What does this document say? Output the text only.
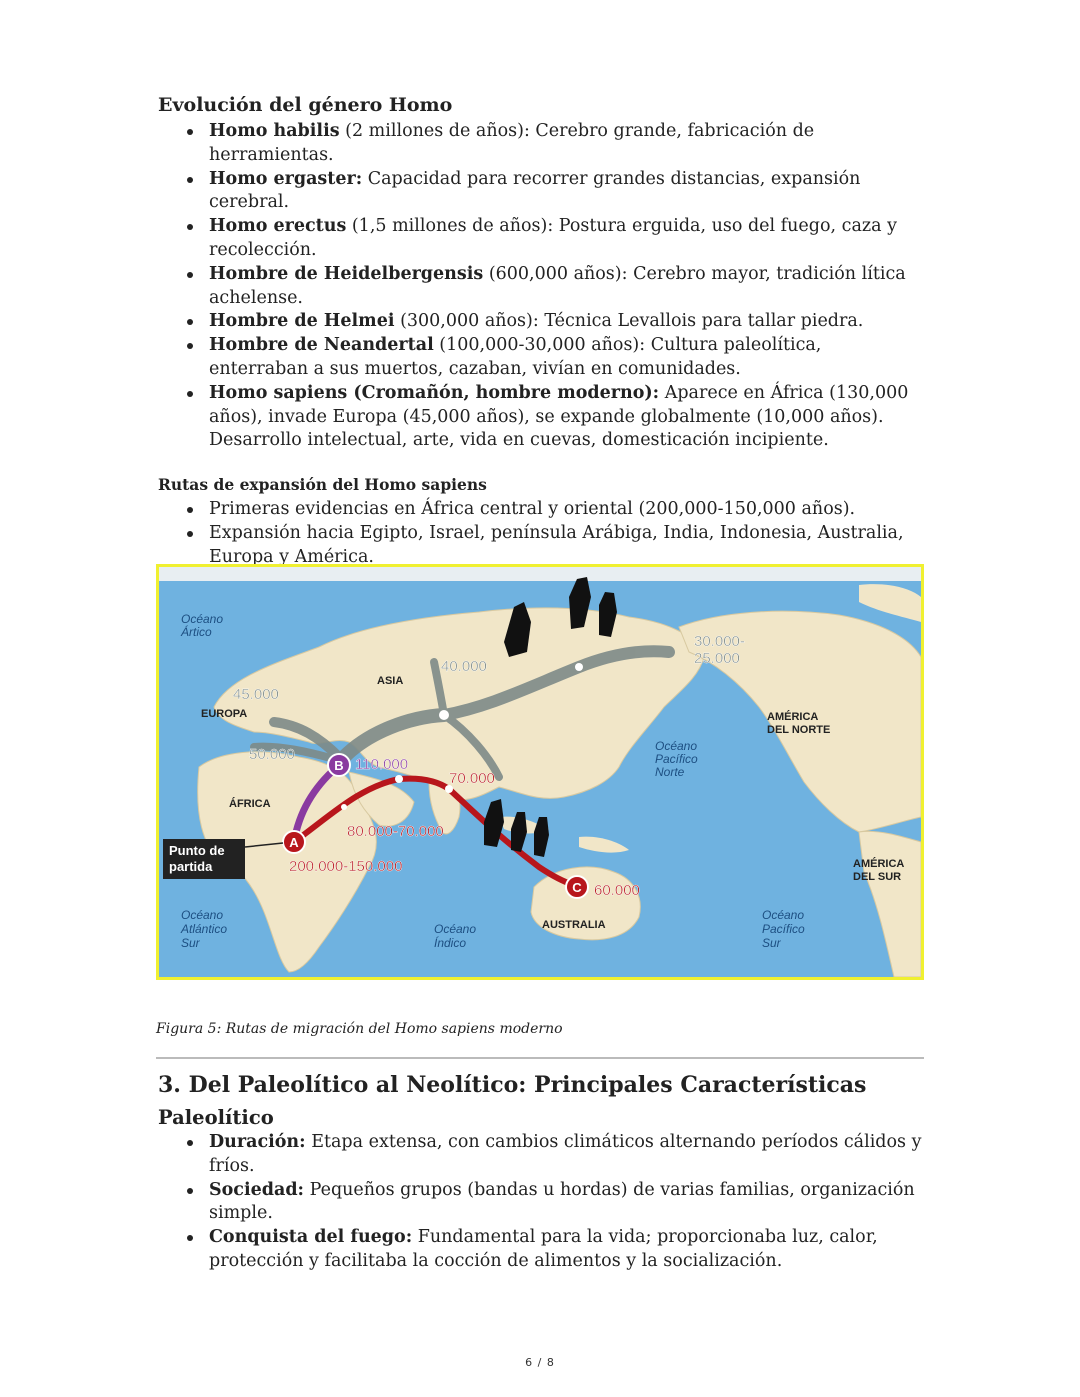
Evolución del género Homo
Homo habilis (2 millones de años): Cerebro grande, fabricación de herramientas.
Homo ergaster: Capacidad para recorrer grandes distancias, expansión cerebral.
Homo erectus (1,5 millones de años): Postura erguida, uso del fuego, caza y recolección.
Hombre de Heidelbergensis (600,000 años): Cerebro mayor, tradición lítica achelense.
Hombre de Helmei (300,000 años): Técnica Levallois para tallar piedra.
Hombre de Neandertal (100,000-30,000 años): Cultura paleolítica, enterraban a sus muertos, cazaban, vivían en comunidades.
Homo sapiens (Cromañón, hombre moderno): Aparece en África (130,000 años), invade Europa (45,000 años), se expande globalmente (10,000 años). Desarrollo intelectual, arte, vida en cuevas, domesticación incipiente.
Rutas de expansión del Homo sapiens
Primeras evidencias en África central y oriental (200,000-150,000 años).
Expansión hacia Egipto, Israel, península Arábiga, India, Indonesia, Australia, Europa y América.
A
B
C
Punto de
partida
Océano
Ártico
Océano
Pacífico
Norte
Océano
Atlántico
Sur
Océano
Índico
Océano
Pacífico
Sur
ASIA
EUROPA
ÁFRICA
AUSTRALIA
AMÉRICA
DEL NORTE
AMÉRICA
DEL SUR
40.000
45.000
50.000
30.000-
25.000
70.000
80.000-70.000
60.000
110.000
200.000-150.000
Figura 5: Rutas de migración del Homo sapiens moderno
3. Del Paleolítico al Neolítico: Principales Características
Paleolítico
Duración: Etapa extensa, con cambios climáticos alternando períodos cálidos y fríos.
Sociedad: Pequeños grupos (bandas u hordas) de varias familias, organización simple.
Conquista del fuego: Fundamental para la vida; proporcionaba luz, calor, protección y facilitaba la cocción de alimentos y la socialización.
6 / 8
